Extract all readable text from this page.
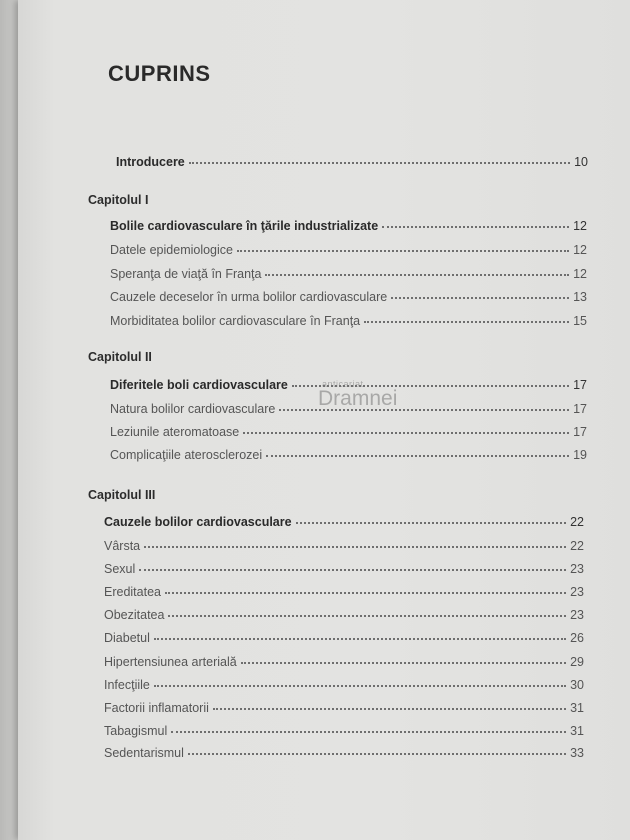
CUPRINS
Introducere	10
Capitolul I
Bolile cardiovasculare în ţările industrializate	12
Datele epidemiologice	12
Speranţa de viaţă în Franţa	12
Cauzele deceselor în urma bolilor cardiovasculare	13
Morbiditatea bolilor cardiovasculare în Franţa	15
Capitolul II
Diferitele boli cardiovasculare	17
Natura bolilor cardiovasculare	17
Leziunile ateromatoase	17
Complicaţiile aterosclerozei	19
Capitolul III
Cauzele bolilor cardiovasculare	22
Vârsta	22
Sexul	23
Ereditatea	23
Obezitatea	23
Diabetul	26
Hipertensiunea arterială	29
Infecţiile	30
Factorii inflamatorii	31
Tabagismul	31
Sedentarismul	33
anticariat
Dramnei
